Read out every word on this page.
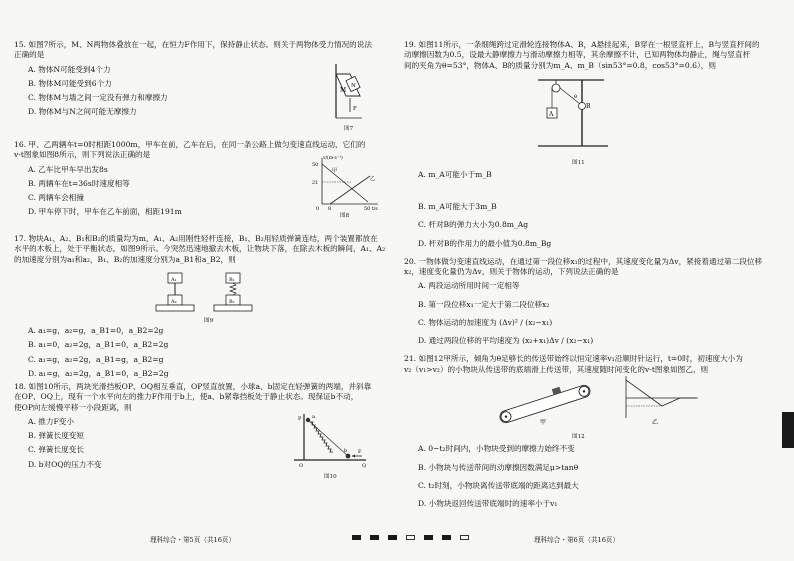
15. 如图7所示，M、N两物体叠放在一起，在恒力F作用下，保持静止状态。则关于两物体受力情况的说法
正确的是
A. 物体N可能受到4个力
B. 物体M可能受到6个力
C. 物体M与墙之间一定没有弹力和摩擦力
D. 物体M与N之间可能无摩擦力
M
N
F
图7
16. 甲、乙两辆车t=0时相距1000m，甲车在前，乙车在后，在同一条公路上做匀变速直线运动，它们的
v-t图象如图8所示，则下列说法正确的是
A. 乙车比甲车早出发8s
B. 两辆车在t=36s时速度相等
C. 两辆车会相撞
D. 甲车停下时，甲车在乙车前面，相距191m
v/(m·s⁻¹)
50
21
甲
乙
0 8	50 t/s
图8
17. 物块A₁、A₂、B₁和B₂的质量均为m，A₁、A₂用刚性轻杆连接，B₁、B₂用轻质弹簧连结，两个装置都放在
水平的木板上，处于平衡状态，如图9所示。今突然迅速地撤去木板，让物块下落，在除去木板的瞬间，A₁、A₂
的加速度分别为a₁和a₂，B₁、B₂的加速度分别为a_B1和a_B2，则
A₁
A₂
B₁
B₂
图9
A. a₁=g，a₂=g，a_B1=0，a_B2=2g
B. a₁=0，a₂=2g，a_B1=0，a_B2=2g
C. a₁=g，a₂=2g，a_B1=g，a_B2=g
D. a₁=g，a₂=2g，a_B1=0，a_B2=2g
18. 如图10所示，两块光滑挡板OP、OQ相互垂直，OP竖直放置，小球a、b固定在轻弹簧的两端，并斜靠
在OP、OQ上，现有一个水平向左的推力F作用于b上，使a、b紧靠挡板处于静止状态。现保证b不动，
使OP向左缓慢平移一小段距离，则
A. 推力F变小
B. 弹簧长度变短
C. 弹簧长度变长
D. b对OQ的压力不变
P
O	Q
a
b F
图10
理科综合・第5页（共16页）
19. 如图11所示，一条细绳跨过定滑轮连接物体A、B，A悬挂起来，B穿在一根竖直杆上，B与竖直杆间的
动摩擦因数为0.5，设最大静摩擦力与滑动摩擦力相等，其余摩擦不计，已知两物体均静止，绳与竖直杆
间的夹角为θ=53°，物体A、B的质量分别为m_A、m_B（sin53°=0.8，cos53°=0.6），则
A
B
θ
图11
A. m_A可能小于m_B
B. m_A可能大于3m_B
C. 杆对B的弹力大小为0.8m_Ag
D. 杆对B的作用力的最小值为0.8m_Bg
20. 一物体做匀变速直线运动，在通过第一段位移x₁的过程中，其速度变化量为Δv，紧接着通过第二段位移
x₂，速度变化量仍为Δv，则关于物体的运动，下列说法正确的是
A. 两段运动所用时间一定相等
B. 第一段位移x₁一定大于第二段位移x₂
C. 物体运动的加速度为 (Δv)² / (x₂−x₁)
D. 通过两段位移的平均速度为 (x₂+x₁)Δv / (x₂−x₁)
21. 如图12甲所示，倾角为θ足够长的传送带始终以恒定速率v₁沿顺时针运行，t=0时，初速度大小为
v₂（v₁>v₂）的小物块从传送带的底端滑上传送带，其速度随时间变化的v-t图象如图乙，则
甲	乙
图12
A. 0~t₂时间内，小物块受到的摩擦力始终不变
B. 小物块与传送带间的动摩擦因数满足μ>tanθ
C. t₂时刻，小物块离传送带底端的距离达到最大
D. 小物块返回传送带底端时的速率小于v₁
理科综合・第6页（共16页）
